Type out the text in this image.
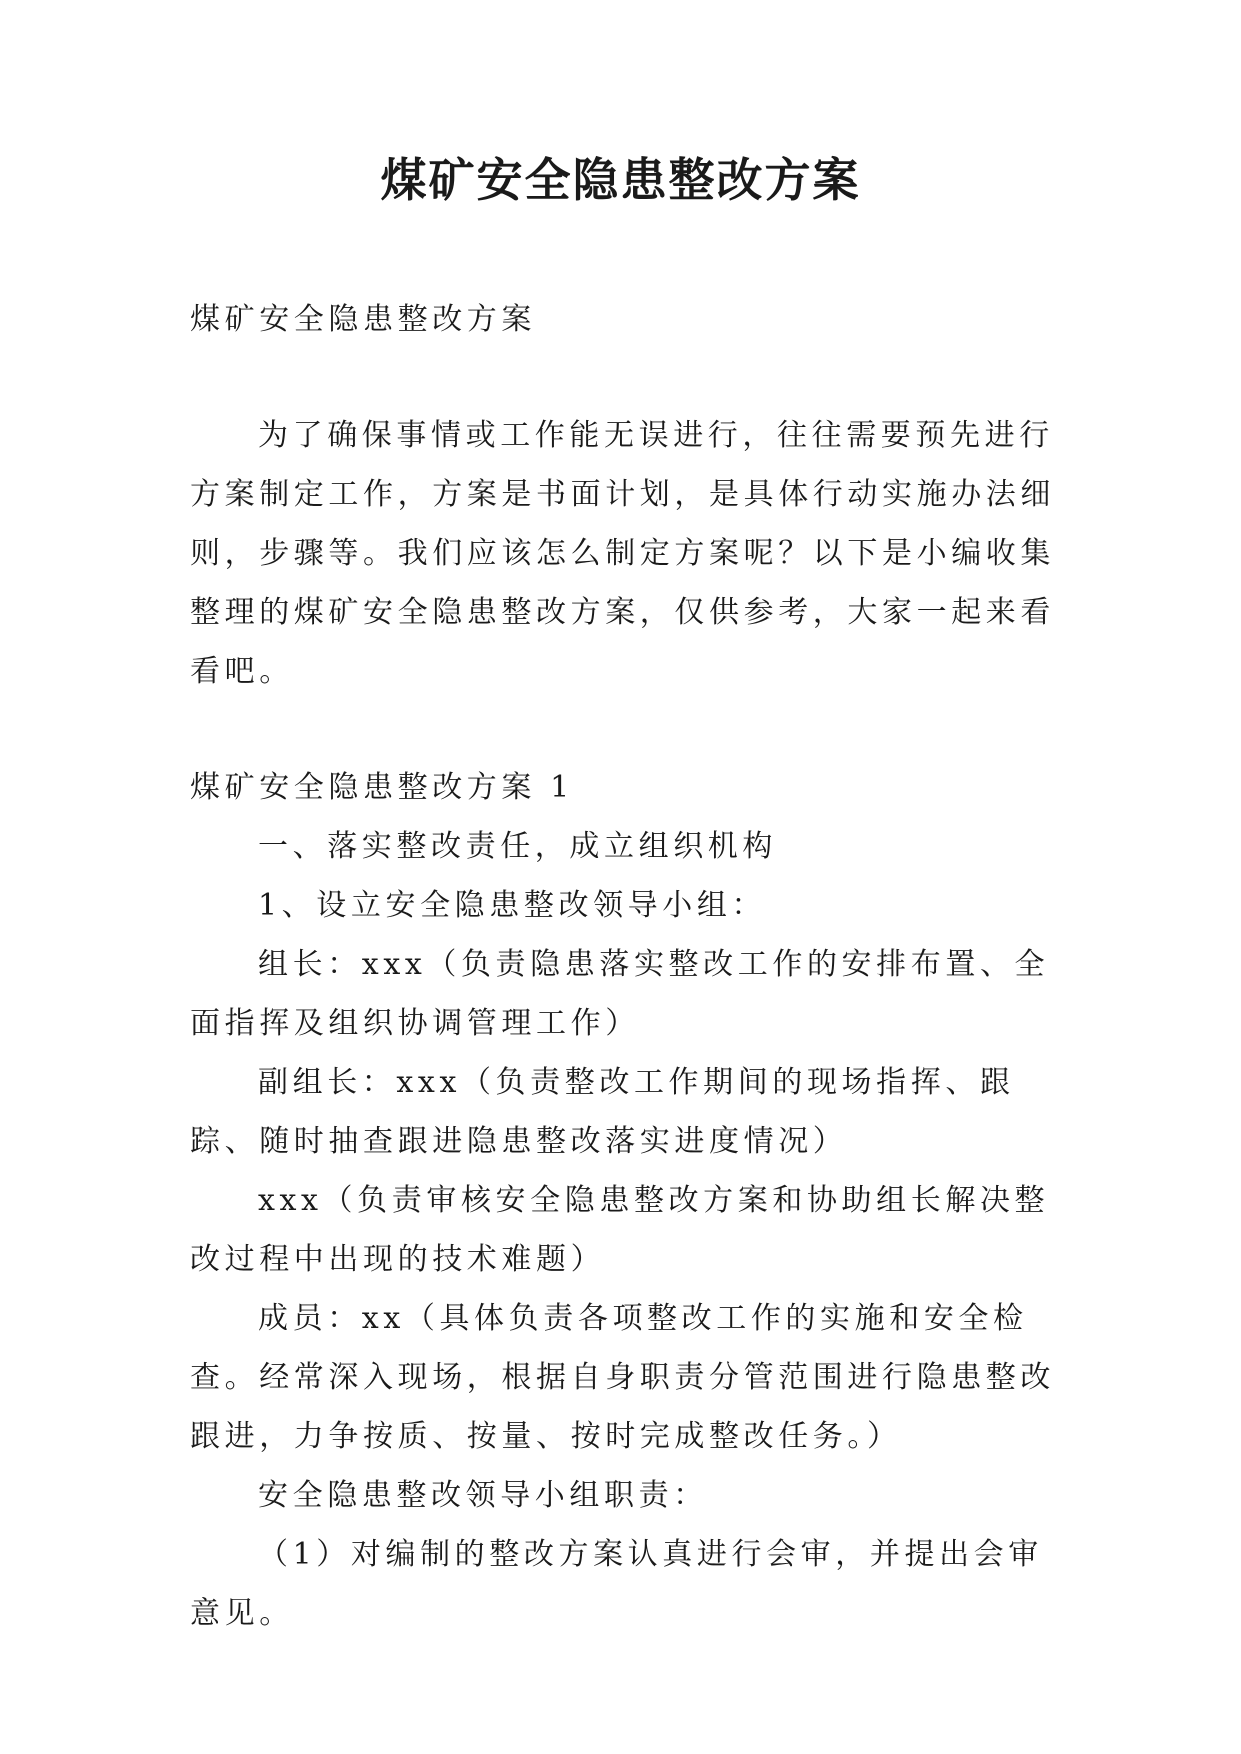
煤矿安全隐患整改方案

煤矿安全隐患整改方案

为了确保事情或工作能无误进行，往往需要预先进行方案制定工作，方案是书面计划，是具体行动实施办法细则，步骤等。我们应该怎么制定方案呢？以下是小编收集整理的煤矿安全隐患整改方案，仅供参考，大家一起来看看吧。

煤矿安全隐患整改方案 1

一、落实整改责任，成立组织机构

1、设立安全隐患整改领导小组：

组长：xxx（负责隐患落实整改工作的安排布置、全面指挥及组织协调管理工作）

副组长：xxx（负责整改工作期间的现场指挥、跟踪、随时抽查跟进隐患整改落实进度情况）

xxx（负责审核安全隐患整改方案和协助组长解决整改过程中出现的技术难题）

成员：xx（具体负责各项整改工作的实施和安全检查。经常深入现场，根据自身职责分管范围进行隐患整改跟进，力争按质、按量、按时完成整改任务。）

安全隐患整改领导小组职责：

（1）对编制的整改方案认真进行会审，并提出会审意见。
